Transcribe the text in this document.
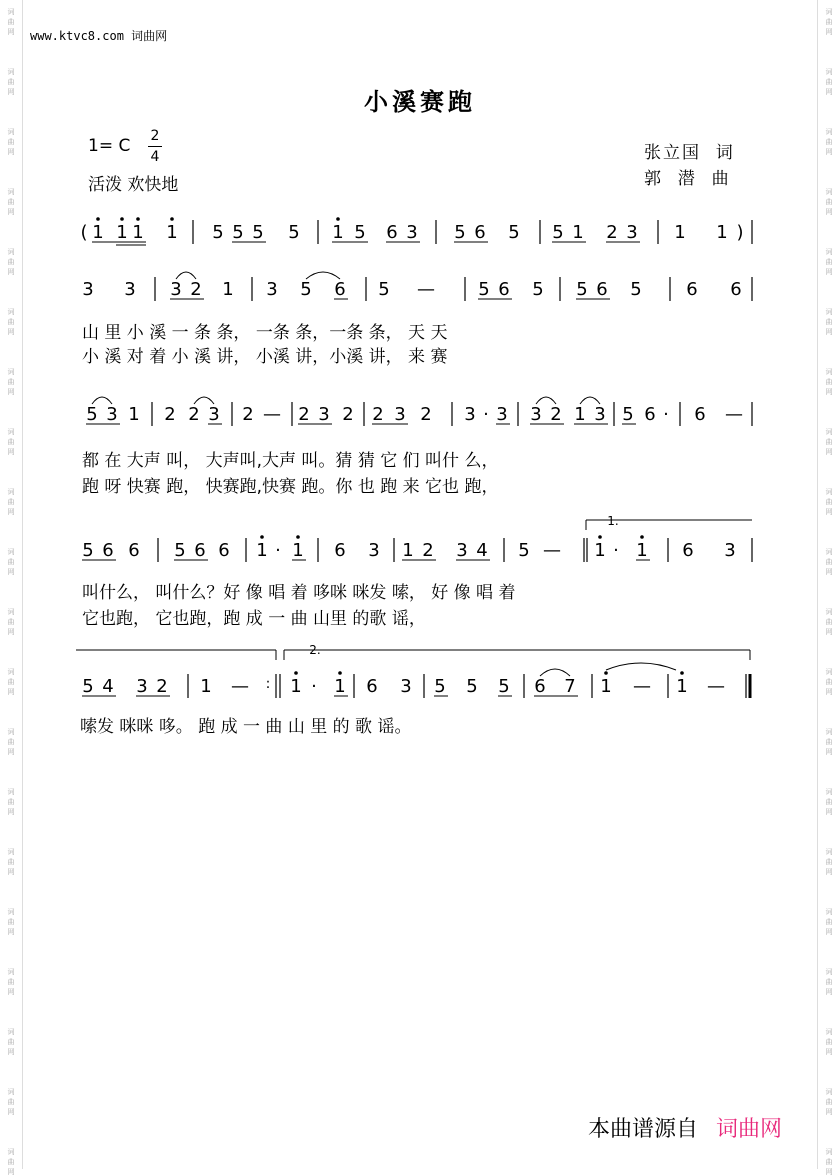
词
曲
网
词
曲
网
词
曲
网
词
曲
网
词
曲
网
词
曲
网
词
曲
网
词
曲
网
词
曲
网
词
曲
网
词
曲
网
词
曲
网
词
曲
网
词
曲
网
词
曲
网
词
曲
网
词
曲
网
词
曲
网
词
曲
网
词
曲
网
词
曲
网
词
曲
网
词
曲
网
词
曲
网
词
曲
网
词
曲
网
词
曲
网
词
曲
网
词
曲
网
词
曲
网
词
曲
网
词
曲
网
词
曲
网
词
曲
网
词
曲
网
词
曲
网
词
曲
网
词
曲
网
词
曲
网
词
曲
网
www.ktvc8.com 词曲网
小溪赛跑
1= C 2
4
活泼 欢快地
张立国  词
郭  潜  曲
( 1 1 1 1 5 5 5 5 1 5 6 3 5 6 5 5 1 2 3 1 1 )
3 3 3 2 1 3 5 6 5 — 5 6 5 5 6 5 6 6
5 3 1 2 2 3 2 — 2 3 2 2 3 2 3 · 3 3 2 1 3 5 6 · 6 —
5 6 6 5 6 6 1 · 1 6 3 1 2 3 4 5 — 1 · 1 6 3
5 4 3 2 1 — : 1 · 1 6 3 5 5 5 6 7 1 — 1 —
山 里 小 溪 一 条 条， 一条 条，一条 条， 天 天
小 溪 对 着 小 溪 讲， 小溪 讲，小溪 讲， 来 赛
都 在 大声 叫， 大声叫,大声 叫。猜 猜 它 们 叫什 么，
跑 呀 快赛 跑， 快赛跑,快赛 跑。你 也 跑 来 它也 跑，
叫什么， 叫什么？好 像 唱 着 哆咪 咪发 嗦， 好 像 唱 着
它也跑， 它也跑，跑 成 一 曲 山里 的歌 谣，
嗦发 咪咪 哆。 跑 成 一 曲 山 里 的 歌 谣。
1.
2.
本曲谱源自 词曲网
